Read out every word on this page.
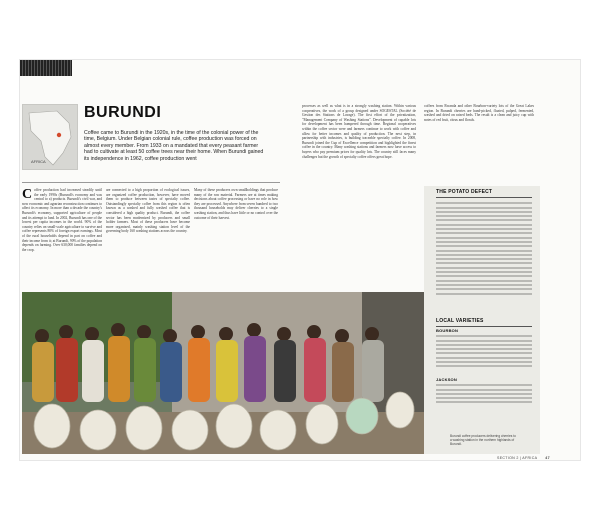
AFRICA
BURUNDI
Coffee came to Burundi in the 1920s, in the time of the colonial power of the time, Belgium. Under Belgian colonial rule, coffee production was forced on almost every member. From 1933 on a mandated that every peasant farmer had to cultivate at least 50 coffee trees near their home. When Burundi gained its independence in 1962, coffee production went
C offee production had increased steadily until the early 1990s (Burundi's economy and was central to a) products. Burundi's civil war, and now economic and agrarian reconstruction continues to affect its economy. In more than a decade the country's Burundi's economy, supported agriculture of people and its attempt to land. In 2002, Burundi has one of the lowest per capita incomes in the world. 90% of the country relies on small-scale agriculture to survive and coffee represents 80% of foreign export earnings. Most of the rural households depend in part on coffee and their income from it; at Burundi, 90% of the population depends on farming. Over 630,000 families depend on the crop.
are connected to a high proportion of ecological issues, are organized coffee production, however, have moved them to produce between tastes of specialty coffee. Outstandingly specialty coffee from this region is often known as a washed and fully washed coffee that is considered a high quality product. Burundi, the coffee sector has been modernized by producers and small holder farmers. Most of these producers have become more organized, mainly washing station level of the governing body 160 washing stations across the country.
Many of these producers own smallholdings that produce many of the raw material. Farmers are at times making decisions about coffee processing or have no role in how they are processed. Anywhere from seven hundred to two thousand households may deliver cherries to a single washing station, and thus have little or no control over the outcome of their harvest.
processes as well as what is in a strongly washing station. Within various cooperatives, the work of a group designed under SOGESTAL (Société de Gestion des Stations de Lavage). The first effort of the privatization, "Management Company of Washing Stations". Development of capable lots for development has been hampered through time. Regional cooperatives within the coffee sector were and farmers continue to work with coffee and allow for better incomes and quality of production. The next step, in partnership with industries, is building traceable specialty coffee. In 2008, Burundi joined the Cup of Excellence competition and highlighted the finest coffee in the country. Many washing stations and farmers now have access to buyers who pay premium prices for quality lots. The country still faces many challenges but the growth of specialty coffee offers great hope.
coffees from Rwanda and other Bourbon-variety lots of the Great Lakes region. In Burundi cherries are hand-picked, floated, pulped, fermented, washed and dried on raised beds. The result is a clean and juicy cup with notes of red fruit, citrus and florals.
THE POTATO DEFECT
LOCAL VARIETIES
BOURBON
JACKSON
Burundi coffee producers delivering cherries to a washing station in the northern highlands of Burundi.
SECTION 2 | AFRICA 47
